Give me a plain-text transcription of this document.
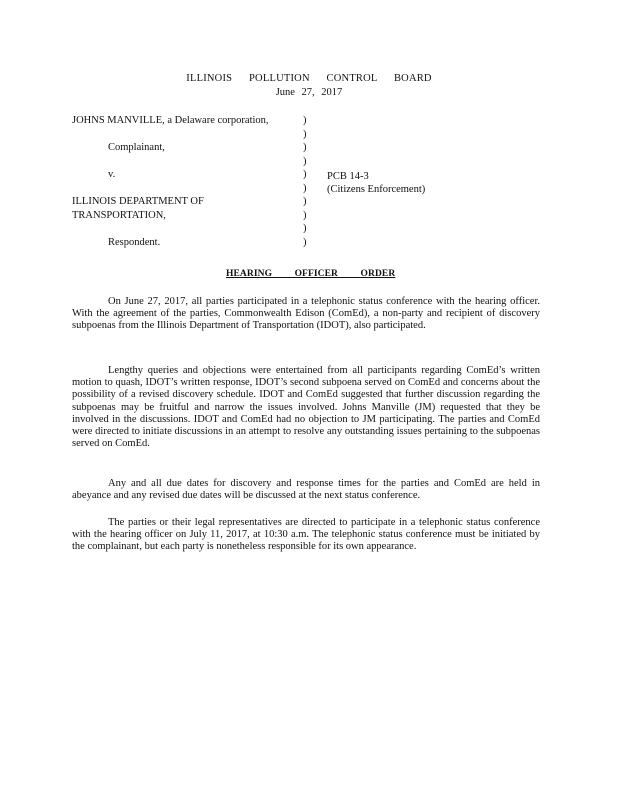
ILLINOIS POLLUTION CONTROL BOARD
June 27, 2017
JOHNS MANVILLE, a Delaware corporation,
Complainant,
v.
ILLINOIS DEPARTMENT OF
TRANSPORTATION,
Respondent.
)
)
)
)
)
)
)
)
)
)
PCB 14-3
(Citizens Enforcement)
HEARING OFFICER ORDER

On June 27, 2017, all parties participated in a telephonic status conference with the hearing officer. With the agreement of the parties, Commonwealth Edison (ComEd), a non-party and recipient of discovery subpoenas from the Illinois Department of Transportation (IDOT), also participated.

Lengthy queries and objections were entertained from all participants regarding ComEd’s written motion to quash, IDOT’s written response, IDOT’s second subpoena served on ComEd and concerns about the possibility of a revised discovery schedule. IDOT and ComEd suggested that further discussion regarding the subpoenas may be fruitful and narrow the issues involved. Johns Manville (JM) requested that they be involved in the discussions. IDOT and ComEd had no objection to JM participating. The parties and ComEd were directed to initiate discussions in an attempt to resolve any outstanding issues pertaining to the subpoenas served on ComEd.

Any and all due dates for discovery and response times for the parties and ComEd are held in abeyance and any revised due dates will be discussed at the next status conference.

The parties or their legal representatives are directed to participate in a telephonic status conference with the hearing officer on July 11, 2017, at 10:30 a.m. The telephonic status conference must be initiated by the complainant, but each party is nonetheless responsible for its own appearance.
